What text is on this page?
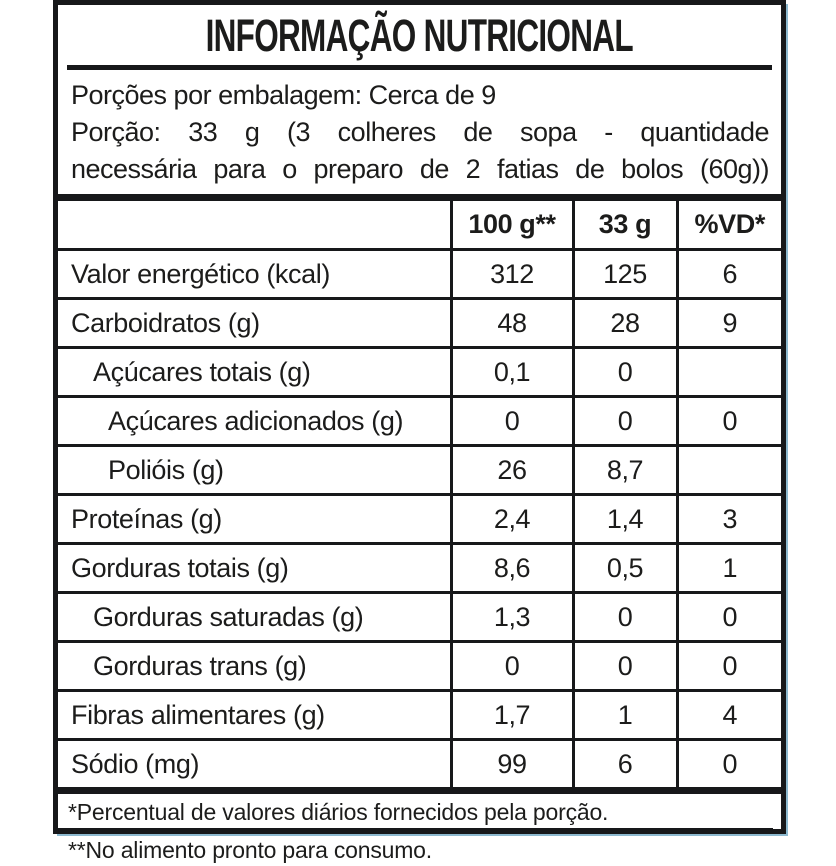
INFORMAÇÃO NUTRICIONAL
Porções por embalagem: Cerca de 9
Porção: 33 g (3 colheres de sopa - quantidade
necessária para o preparo de 2 fatias de bolos (60g))
	100 g**	33 g	%VD*
Valor energético (kcal)	312	125	6
Carboidratos (g)	48	28	9
Açúcares totais (g)	0,1	0	
Açúcares adicionados (g)	0	0	0
Polióis (g)	26	8,7	
Proteínas (g)	2,4	1,4	3
Gorduras totais (g)	8,6	0,5	1
Gorduras saturadas (g)	1,3	0	0
Gorduras trans (g)	0	0	0
Fibras alimentares (g)	1,7	1	4
Sódio (mg)	99	6	0
*Percentual de valores diários fornecidos pela porção.
**No alimento pronto para consumo.
